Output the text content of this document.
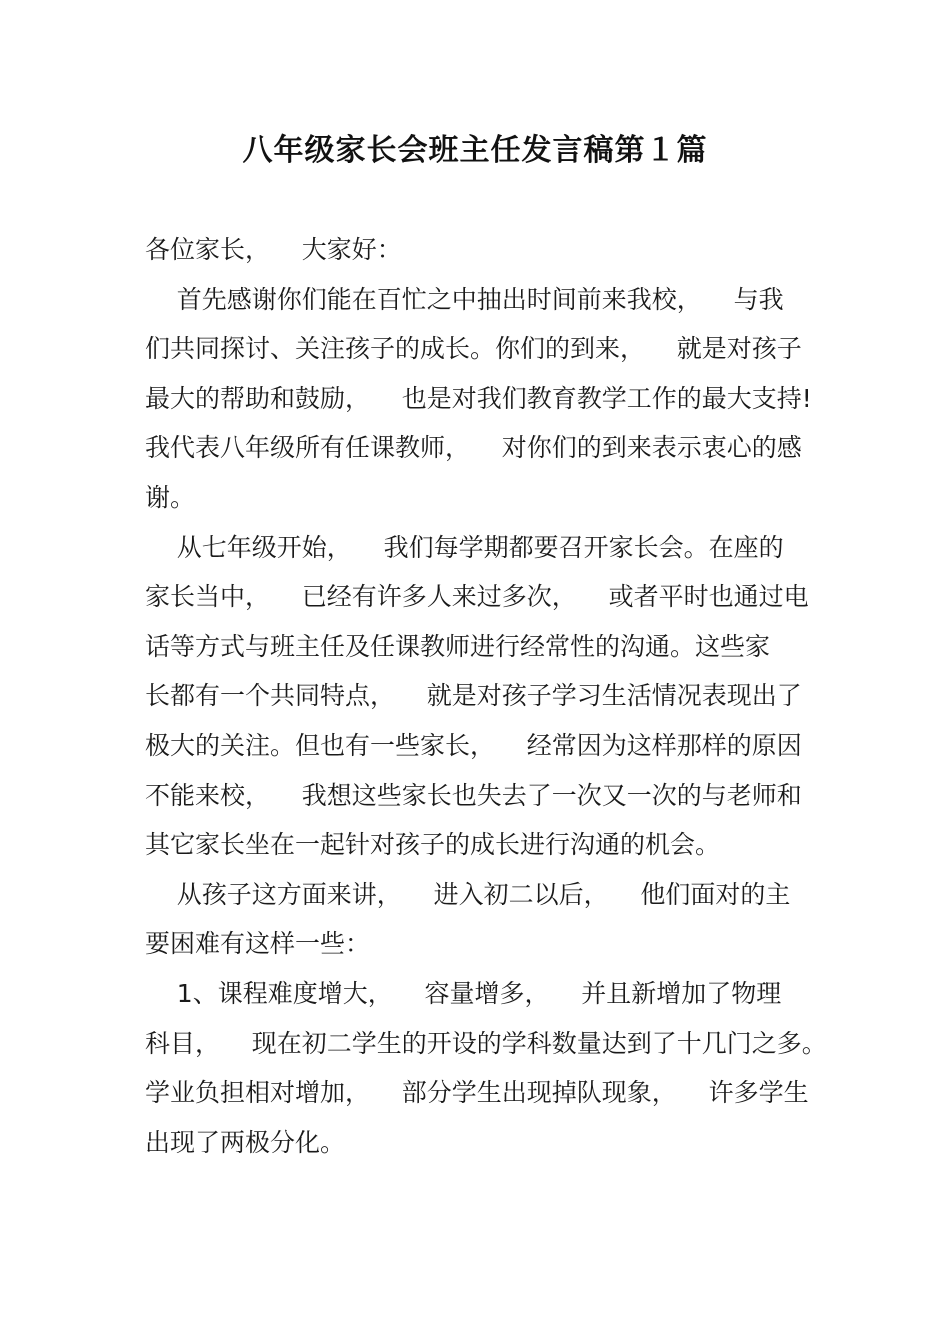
八年级家长会班主任发言稿第１篇
各位家长，    大家好：
首先感谢你们能在百忙之中抽出时间前来我校，    与我
们共同探讨、关注孩子的成长。你们的到来，    就是对孩子
最大的帮助和鼓励，    也是对我们教育教学工作的最大支持!
我代表八年级所有任课教师，    对你们的到来表示衷心的感
谢。
从七年级开始，    我们每学期都要召开家长会。在座的
家长当中，    已经有许多人来过多次，    或者平时也通过电
话等方式与班主任及任课教师进行经常性的沟通。这些家
长都有一个共同特点，    就是对孩子学习生活情况表现出了
极大的关注。但也有一些家长，    经常因为这样那样的原因
不能来校，    我想这些家长也失去了一次又一次的与老师和
其它家长坐在一起针对孩子的成长进行沟通的机会。
从孩子这方面来讲，    进入初二以后，    他们面对的主
要困难有这样一些：
1、课程难度增大，    容量增多，    并且新增加了物理
科目，    现在初二学生的开设的学科数量达到了十几门之多。
学业负担相对增加，    部分学生出现掉队现象，    许多学生
出现了两极分化。
